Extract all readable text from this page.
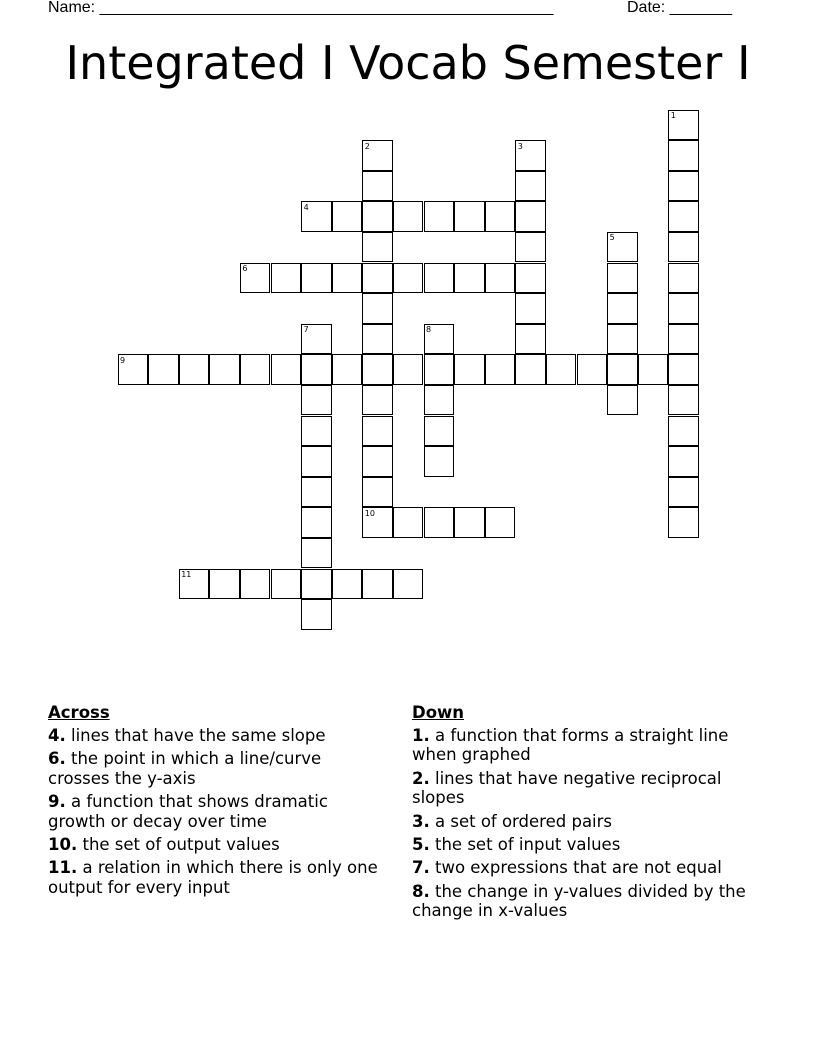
Name: ___________________________________________________	Date: _______
Integrated I Vocab Semester I
1
2	3
4
5
6
7	8
9
10
11
Across
4. lines that have the same slope
6. the point in which a line/curve crosses the y-axis
9. a function that shows dramatic growth or decay over time
10. the set of output values
11. a relation in which there is only one output for every input
Down
1. a function that forms a straight line when graphed
2. lines that have negative reciprocal slopes
3. a set of ordered pairs
5. the set of input values
7. two expressions that are not equal
8. the change in y-values divided by the change in x-values
